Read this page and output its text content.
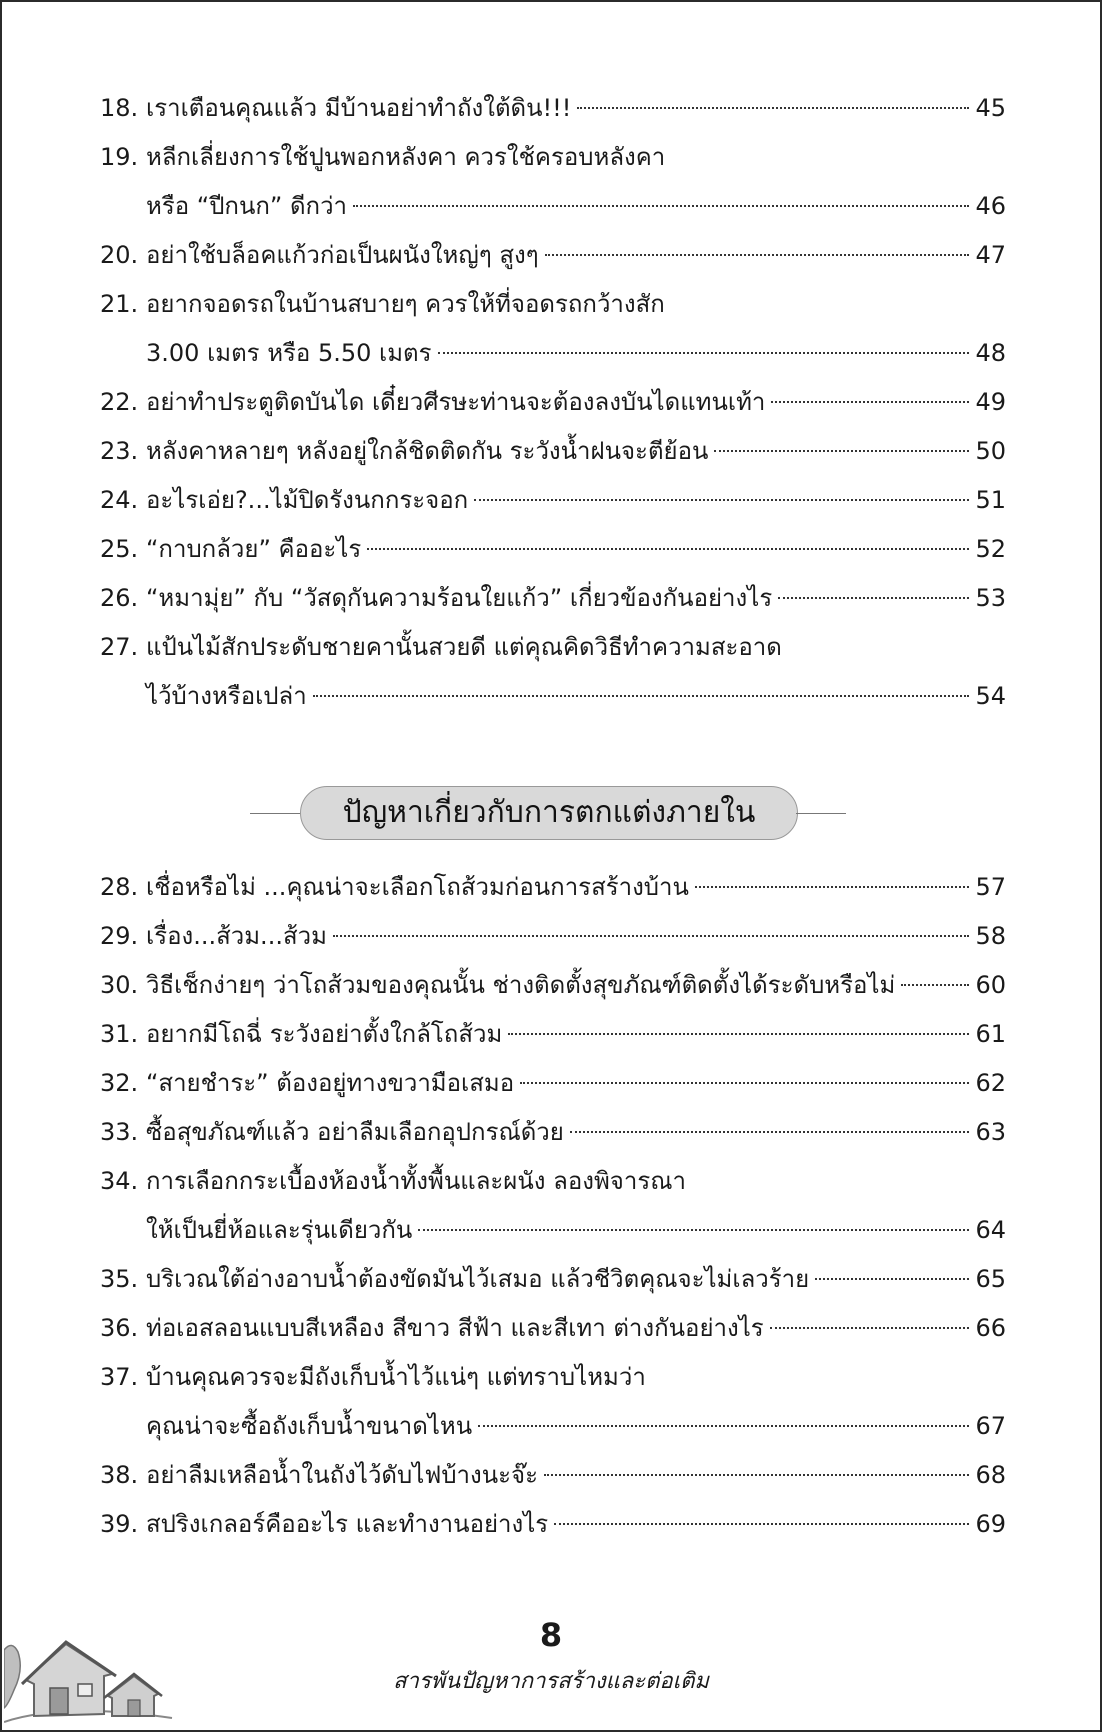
18. เราเตือนคุณแล้ว มีบ้านอย่าทำถังใต้ดิน!!!	45
19. หลีกเลี่ยงการใช้ปูนพอกหลังคา ควรใช้ครอบหลังคา
หรือ “ปีกนก” ดีกว่า	46
20. อย่าใช้บล็อคแก้วก่อเป็นผนังใหญ่ๆ สูงๆ	47
21. อยากจอดรถในบ้านสบายๆ ควรให้ที่จอดรถกว้างสัก
3.00 เมตร หรือ 5.50 เมตร	48
22. อย่าทำประตูติดบันได เดี๋ยวศีรษะท่านจะต้องลงบันไดแทนเท้า	49
23. หลังคาหลายๆ หลังอยู่ใกล้ชิดติดกัน ระวังน้ำฝนจะตีย้อน	50
24. อะไรเอ่ย?...ไม้ปิดรังนกกระจอก	51
25. “กาบกล้วย” คืออะไร	52
26. “หมามุ่ย” กับ “วัสดุกันความร้อนใยแก้ว” เกี่ยวข้องกันอย่างไร	53
27. แป้นไม้สักประดับชายคานั้นสวยดี แต่คุณคิดวิธีทำความสะอาด
ไว้บ้างหรือเปล่า	54
ปัญหาเกี่ยวกับการตกแต่งภายใน
28. เชื่อหรือไม่ ...คุณน่าจะเลือกโถส้วมก่อนการสร้างบ้าน	57
29. เรื่อง...ส้วม...ส้วม	58
30. วิธีเช็กง่ายๆ ว่าโถส้วมของคุณนั้น ช่างติดตั้งสุขภัณฑ์ติดตั้งได้ระดับหรือไม่	60
31. อยากมีโถฉี่ ระวังอย่าตั้งใกล้โถส้วม	61
32. “สายชำระ” ต้องอยู่ทางขวามือเสมอ	62
33. ซื้อสุขภัณฑ์แล้ว อย่าลืมเลือกอุปกรณ์ด้วย	63
34. การเลือกกระเบื้องห้องน้ำทั้งพื้นและผนัง ลองพิจารณา
ให้เป็นยี่ห้อและรุ่นเดียวกัน	64
35. บริเวณใต้อ่างอาบน้ำต้องขัดมันไว้เสมอ แล้วชีวิตคุณจะไม่เลวร้าย	65
36. ท่อเอสลอนแบบสีเหลือง สีขาว สีฟ้า และสีเทา ต่างกันอย่างไร	66
37. บ้านคุณควรจะมีถังเก็บน้ำไว้แน่ๆ แต่ทราบไหมว่า
คุณน่าจะซื้อถังเก็บน้ำขนาดไหน	67
38. อย่าลืมเหลือน้ำในถังไว้ดับไฟบ้างนะจ๊ะ	68
39. สปริงเกลอร์คืออะไร และทำงานอย่างไร	69
8
สารพันปัญหาการสร้างและต่อเติม
